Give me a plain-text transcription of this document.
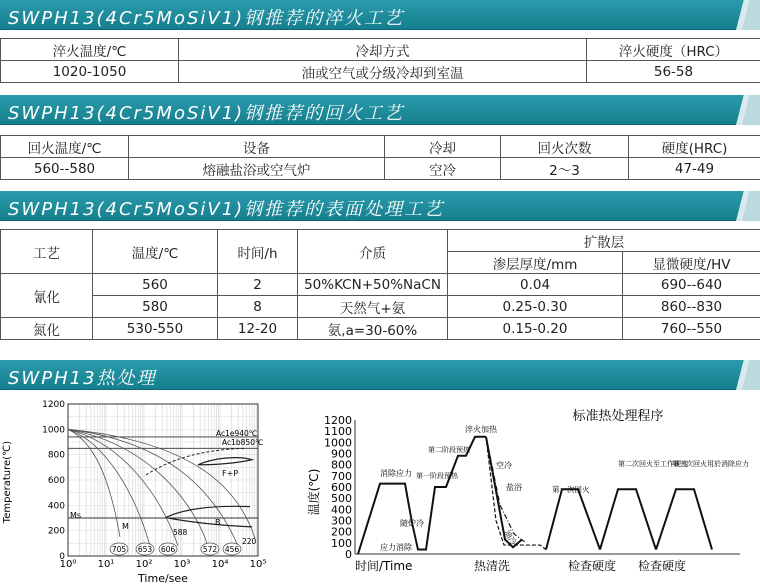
SWPH13(4Cr5MoSiV1)钢推荐的淬火工艺
淬火温度/℃	冷却方式	淬火硬度（HRC）
1020-1050	油或空气或分级冷却到室温	56-58
SWPH13(4Cr5MoSiV1)钢推荐的回火工艺
回火温度/℃	设备	冷却	回火次数	硬度(HRC)
560--580	熔融盐浴或空气炉	空冷	2～3	47-49
SWPH13(4Cr5MoSiV1)钢推荐的表面处理工艺
工艺	温度/℃	时间/h	介质	扩散层	
				渗层厚度/mm	显微硬度/HV
氰化	560	2	50%KCN+50%NaCN	0.04	690--640
	580	8	天然气+氨	0.25-0.30	860--830
氮化	530-550	12-20	氨,a=30-60%	0.15-0.20	760--550
SWPH13热处理
0
200
400
600
800
1000
1200
10⁰ 10¹ 10² 10³ 10⁴ 10⁵
Temperature(℃)
Time/see
Ac1e940℃
Ac1b850℃
F+P
Ms
M	B
588
220
705 653 606	572 456	0
100
200
300
400
500
600
700
800
900
1000
1100
1200	标准热处理程序
温度(℃)
时间/Time
消除应力
随炉冷
应力消除
第一阶段预热
第二阶段预热
淬火加热
空冷
盐浴
油冷
热清洗
第一次回火
第二次回火至工作硬度
第三次回火用於消除应力
检查硬度 检查硬度
